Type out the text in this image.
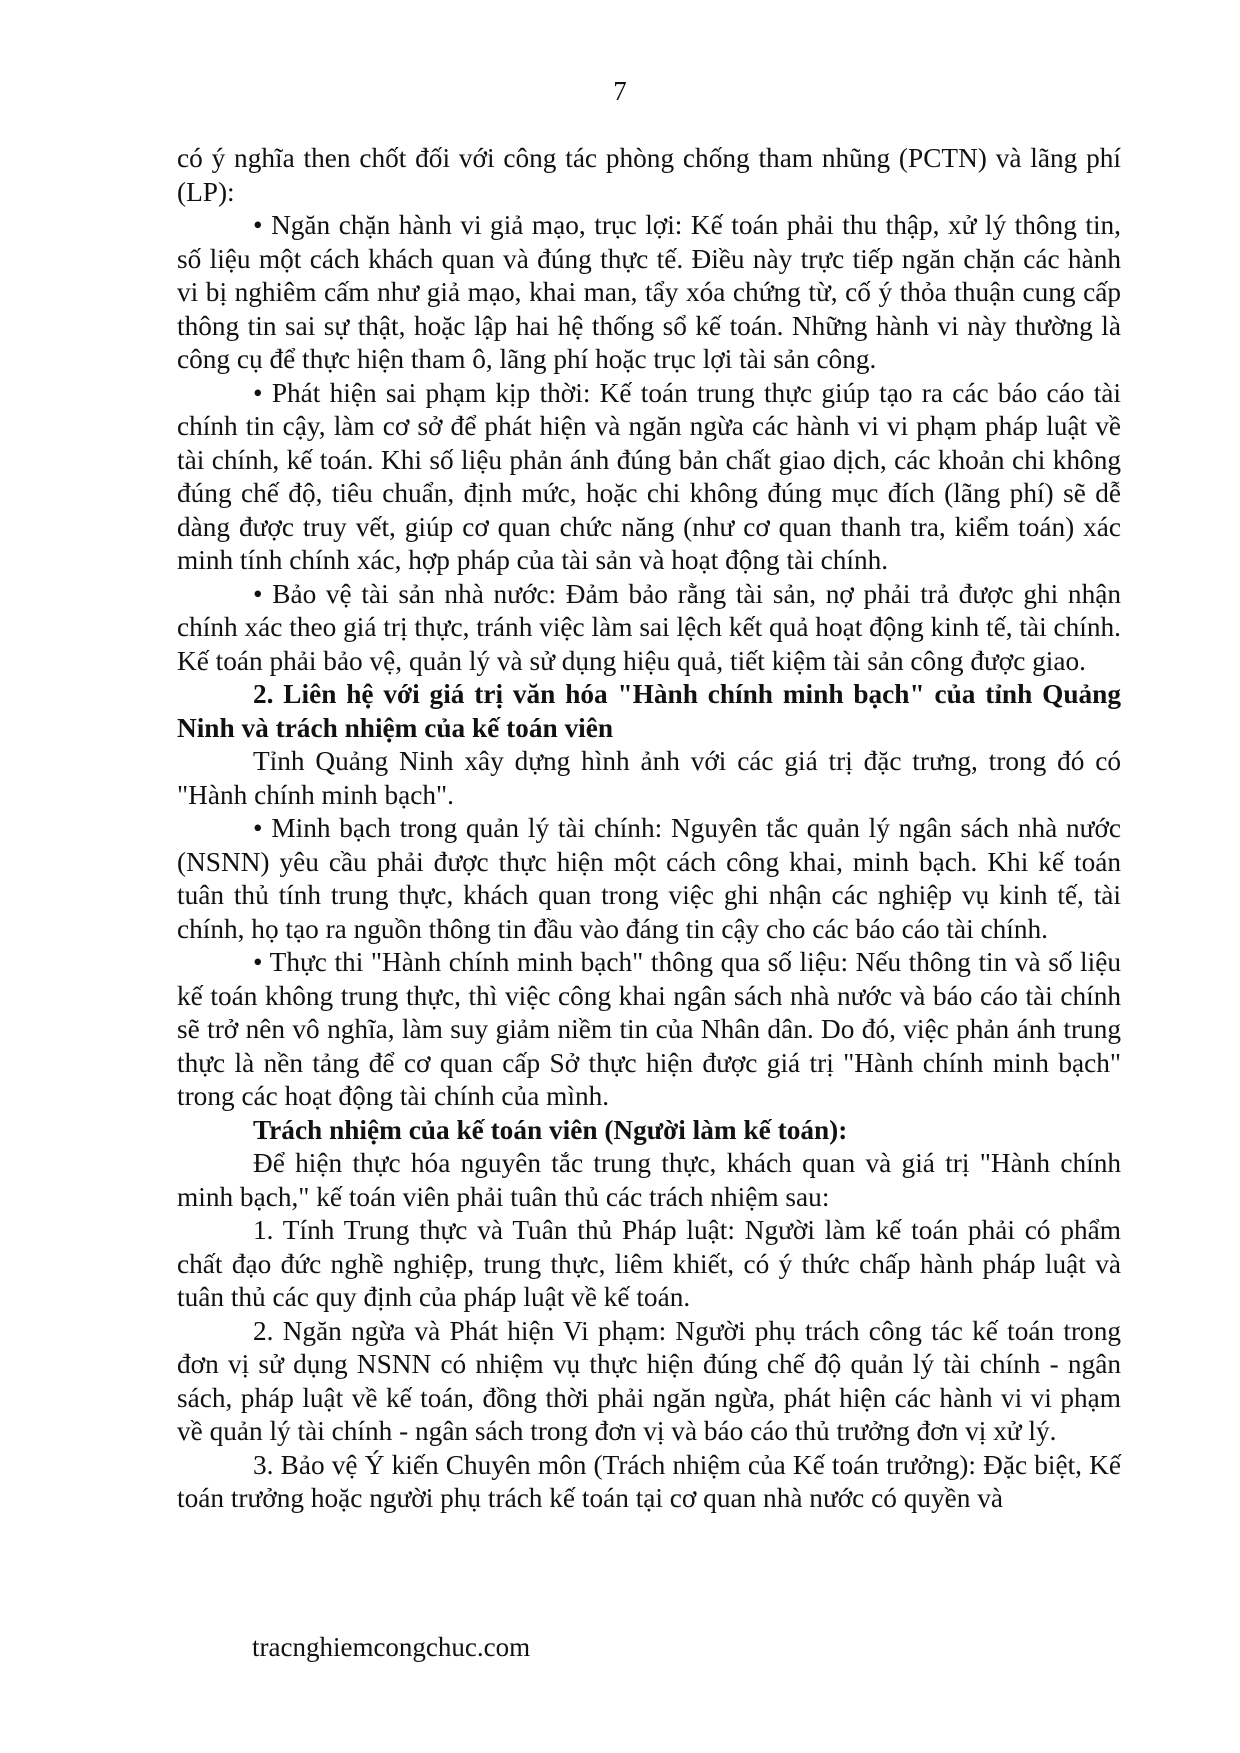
7

có ý nghĩa then chốt đối với công tác phòng chống tham nhũng (PCTN) và lãng phí (LP):

• Ngăn chặn hành vi giả mạo, trục lợi: Kế toán phải thu thập, xử lý thông tin, số liệu một cách khách quan và đúng thực tế. Điều này trực tiếp ngăn chặn các hành vi bị nghiêm cấm như giả mạo, khai man, tẩy xóa chứng từ, cố ý thỏa thuận cung cấp thông tin sai sự thật, hoặc lập hai hệ thống sổ kế toán. Những hành vi này thường là công cụ để thực hiện tham ô, lãng phí hoặc trục lợi tài sản công.

• Phát hiện sai phạm kịp thời: Kế toán trung thực giúp tạo ra các báo cáo tài chính tin cậy, làm cơ sở để phát hiện và ngăn ngừa các hành vi vi phạm pháp luật về tài chính, kế toán. Khi số liệu phản ánh đúng bản chất giao dịch, các khoản chi không đúng chế độ, tiêu chuẩn, định mức, hoặc chi không đúng mục đích (lãng phí) sẽ dễ dàng được truy vết, giúp cơ quan chức năng (như cơ quan thanh tra, kiểm toán) xác minh tính chính xác, hợp pháp của tài sản và hoạt động tài chính.

• Bảo vệ tài sản nhà nước: Đảm bảo rằng tài sản, nợ phải trả được ghi nhận chính xác theo giá trị thực, tránh việc làm sai lệch kết quả hoạt động kinh tế, tài chính. Kế toán phải bảo vệ, quản lý và sử dụng hiệu quả, tiết kiệm tài sản công được giao.

2. Liên hệ với giá trị văn hóa "Hành chính minh bạch" của tỉnh Quảng Ninh và trách nhiệm của kế toán viên

Tỉnh Quảng Ninh xây dựng hình ảnh với các giá trị đặc trưng, trong đó có "Hành chính minh bạch".

• Minh bạch trong quản lý tài chính: Nguyên tắc quản lý ngân sách nhà nước (NSNN) yêu cầu phải được thực hiện một cách công khai, minh bạch. Khi kế toán tuân thủ tính trung thực, khách quan trong việc ghi nhận các nghiệp vụ kinh tế, tài chính, họ tạo ra nguồn thông tin đầu vào đáng tin cậy cho các báo cáo tài chính.

• Thực thi "Hành chính minh bạch" thông qua số liệu: Nếu thông tin và số liệu kế toán không trung thực, thì việc công khai ngân sách nhà nước và báo cáo tài chính sẽ trở nên vô nghĩa, làm suy giảm niềm tin của Nhân dân. Do đó, việc phản ánh trung thực là nền tảng để cơ quan cấp Sở thực hiện được giá trị "Hành chính minh bạch" trong các hoạt động tài chính của mình.

Trách nhiệm của kế toán viên (Người làm kế toán):

Để hiện thực hóa nguyên tắc trung thực, khách quan và giá trị "Hành chính minh bạch," kế toán viên phải tuân thủ các trách nhiệm sau:

1. Tính Trung thực và Tuân thủ Pháp luật: Người làm kế toán phải có phẩm chất đạo đức nghề nghiệp, trung thực, liêm khiết, có ý thức chấp hành pháp luật và tuân thủ các quy định của pháp luật về kế toán.

2. Ngăn ngừa và Phát hiện Vi phạm: Người phụ trách công tác kế toán trong đơn vị sử dụng NSNN có nhiệm vụ thực hiện đúng chế độ quản lý tài chính - ngân sách, pháp luật về kế toán, đồng thời phải ngăn ngừa, phát hiện các hành vi vi phạm về quản lý tài chính - ngân sách trong đơn vị và báo cáo thủ trưởng đơn vị xử lý.

3. Bảo vệ Ý kiến Chuyên môn (Trách nhiệm của Kế toán trưởng): Đặc biệt, Kế toán trưởng hoặc người phụ trách kế toán tại cơ quan nhà nước có quyền và

tracnghiemcongchuc.com
